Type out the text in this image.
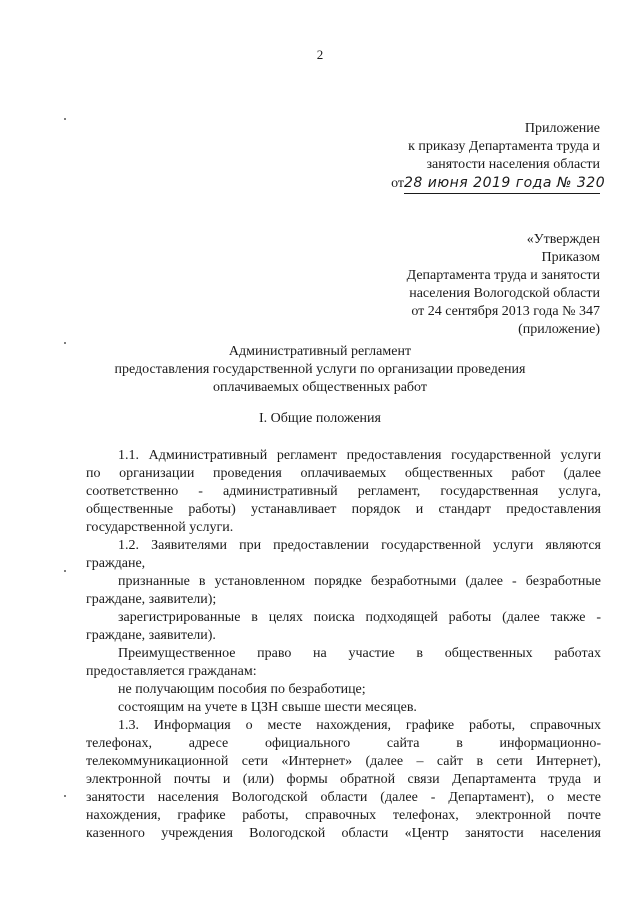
2
Приложение
к приказу Департамента труда и
занятости населения области
от28 июня 2019 года № 320
«Утвержден
Приказом
Департамента труда и занятости
населения Вологодской области
от 24 сентября 2013 года № 347
(приложение)
Административный регламент
предоставления государственной услуги по организации проведения
оплачиваемых общественных работ
I. Общие положения
1.1. Административный регламент предоставления государственной услуги
по организации проведения оплачиваемых общественных работ (далее
соответственно - административный регламент, государственная услуга,
общественные работы) устанавливает порядок и стандарт предоставления
государственной услуги.
1.2. Заявителями при предоставлении государственной услуги являются
граждане,
признанные в установленном порядке безработными (далее - безработные
граждане, заявители);
зарегистрированные в целях поиска подходящей работы (далее также -
граждане, заявители).
Преимущественное право на участие в общественных работах
предоставляется гражданам:
не получающим пособия по безработице;
состоящим на учете в ЦЗН свыше шести месяцев.
1.3. Информация о месте нахождения, графике работы, справочных
телефонах, адресе официального сайта в информационно-
телекоммуникационной сети «Интернет» (далее – сайт в сети Интернет),
электронной почты и (или) формы обратной связи Департамента труда и
занятости населения Вологодской области (далее - Департамент), о месте
нахождения, графике работы, справочных телефонах, электронной почте
казенного учреждения Вологодской области «Центр занятости населения
